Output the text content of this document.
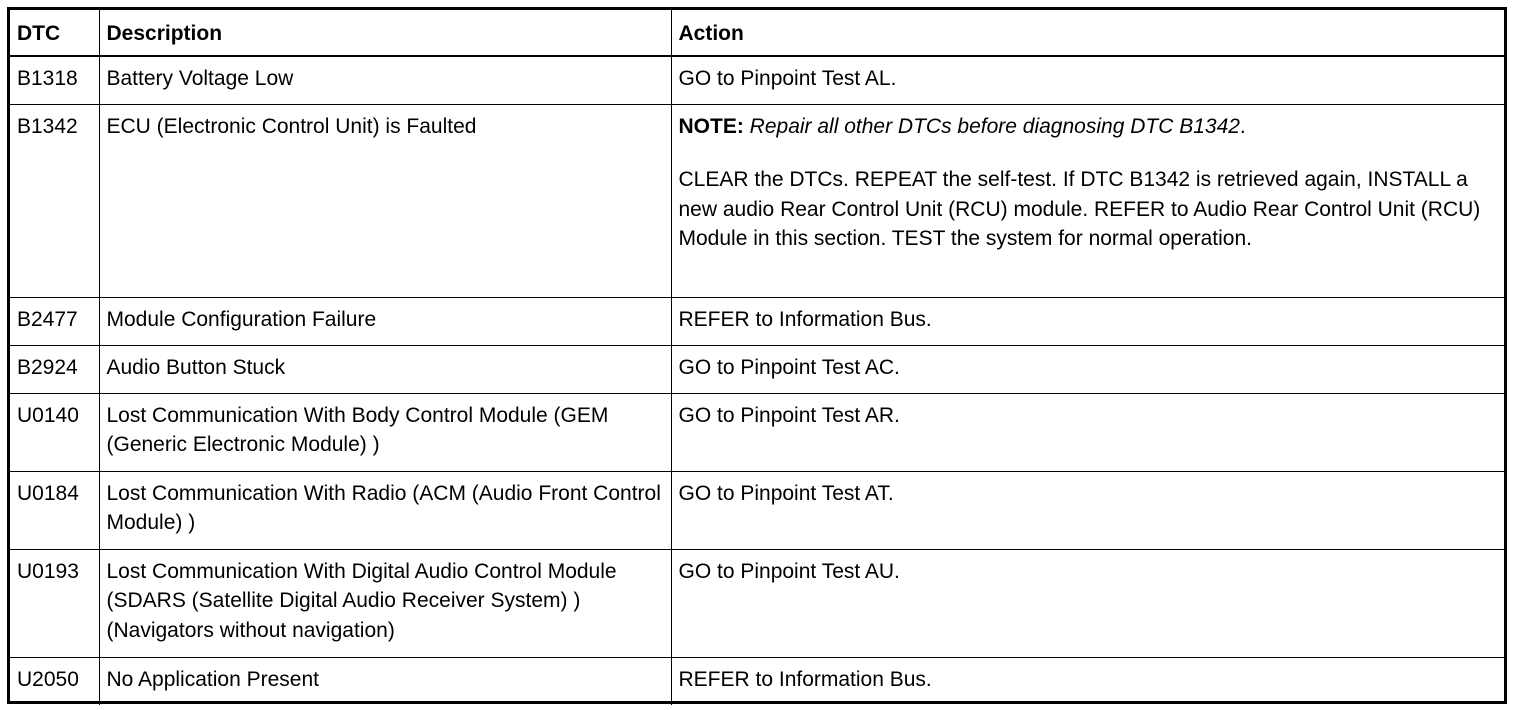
DTC	Description	Action
B1318	Battery Voltage Low	GO to Pinpoint Test AL.
B1342	ECU (Electronic Control Unit) is Faulted	NOTE: Repair all other DTCs before diagnosing DTC B1342.
CLEAR the DTCs. REPEAT the self-test. If DTC B1342 is retrieved again, INSTALL a new audio Rear Control Unit (RCU) module. REFER to Audio Rear Control Unit (RCU) Module in this section. TEST the system for normal operation.

B2477	Module Configuration Failure	REFER to Information Bus.
B2924	Audio Button Stuck	GO to Pinpoint Test AC.
U0140	Lost Communication With Body Control Module (GEM (Generic Electronic Module) )	GO to Pinpoint Test AR.
U0184	Lost Communication With Radio (ACM (Audio Front Control Module) )	GO to Pinpoint Test AT.
U0193	Lost Communication With Digital Audio Control Module (SDARS (Satellite Digital Audio Receiver System) ) (Navigators without navigation)	GO to Pinpoint Test AU.
U2050	No Application Present	REFER to Information Bus.
